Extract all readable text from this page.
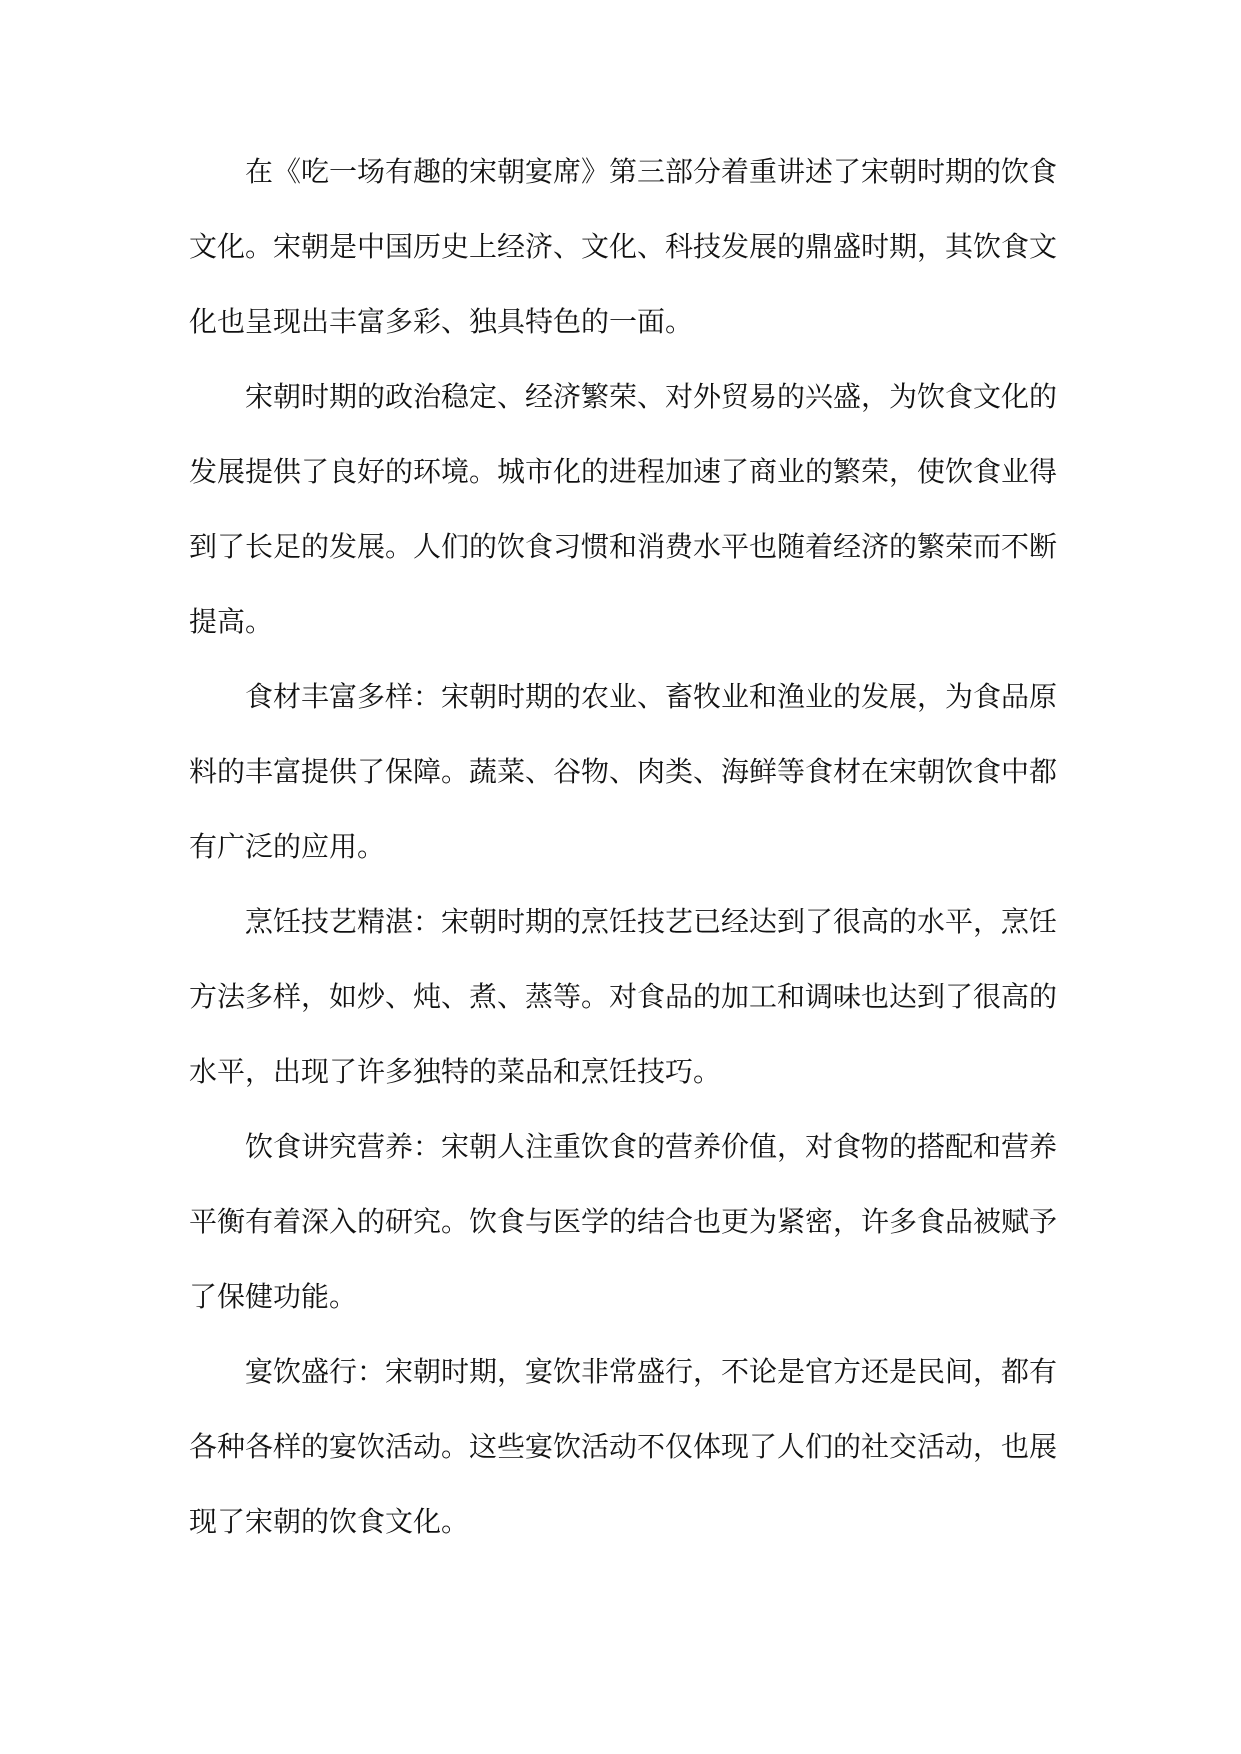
在《吃一场有趣的宋朝宴席》第三部分着重讲述了宋朝时期的饮食文化。宋朝是中国历史上经济、文化、科技发展的鼎盛时期，其饮食文化也呈现出丰富多彩、独具特色的一面。

宋朝时期的政治稳定、经济繁荣、对外贸易的兴盛，为饮食文化的发展提供了良好的环境。城市化的进程加速了商业的繁荣，使饮食业得到了长足的发展。人们的饮食习惯和消费水平也随着经济的繁荣而不断提高。

食材丰富多样：宋朝时期的农业、畜牧业和渔业的发展，为食品原料的丰富提供了保障。蔬菜、谷物、肉类、海鲜等食材在宋朝饮食中都有广泛的应用。

烹饪技艺精湛：宋朝时期的烹饪技艺已经达到了很高的水平，烹饪方法多样，如炒、炖、煮、蒸等。对食品的加工和调味也达到了很高的水平，出现了许多独特的菜品和烹饪技巧。

饮食讲究营养：宋朝人注重饮食的营养价值，对食物的搭配和营养平衡有着深入的研究。饮食与医学的结合也更为紧密，许多食品被赋予了保健功能。

宴饮盛行：宋朝时期，宴饮非常盛行，不论是官方还是民间，都有各种各样的宴饮活动。这些宴饮活动不仅体现了人们的社交活动，也展现了宋朝的饮食文化。
